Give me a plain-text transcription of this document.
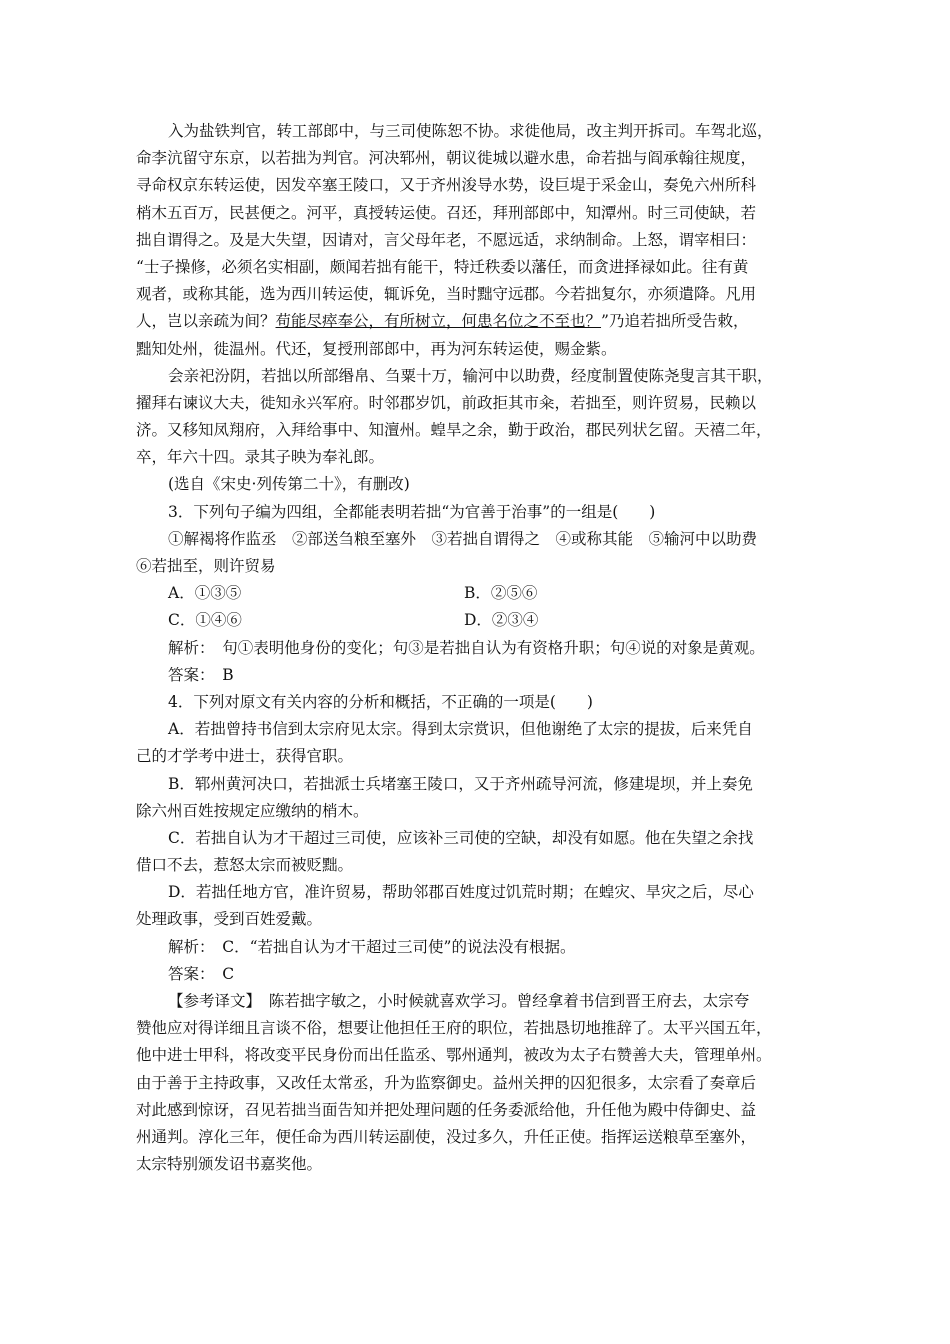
入为盐铁判官，转工部郎中，与三司使陈恕不协。求徙他局，改主判开拆司。车驾北巡，
命李沆留守东京，以若拙为判官。河决郓州，朝议徙城以避水患，命若拙与阎承翰往规度，
寻命权京东转运使，因发卒塞王陵口，又于齐州浚导水势，设巨堤于采金山，奏免六州所科
梢木五百万，民甚便之。河平，真授转运使。召还，拜刑部郎中，知潭州。时三司使缺，若
拙自谓得之。及是大失望，因请对，言父母年老，不愿远适，求纳制命。上怒，谓宰相曰：
“士子操修，必须名实相副，颇闻若拙有能干，特迁秩委以藩任，而贪进择禄如此。往有黄
观者，或称其能，选为西川转运使，辄诉免，当时黜守远郡。今若拙复尔，亦须遣降。凡用
人，岂以亲疏为间？苟能尽瘁奉公，有所树立，何患名位之不至也？”乃追若拙所受告敕，
黜知处州，徙温州。代还，复授刑部郎中，再为河东转运使，赐金紫。
会亲祀汾阴，若拙以所部缗帛、刍粟十万，输河中以助费，经度制置使陈尧叟言其干职，
擢拜右谏议大夫，徙知永兴军府。时邻郡岁饥，前政拒其市籴，若拙至，则许贸易，民赖以
济。又移知凤翔府，入拜给事中、知澶州。蝗旱之余，勤于政治，郡民列状乞留。天禧二年，
卒，年六十四。录其子映为奉礼郎。
(选自《宋史·列传第二十》，有删改)
3．下列句子编为四组，全都能表明若拙“为官善于治事”的一组是(　　)
①解褐将作监丞　②部送刍粮至塞外　③若拙自谓得之　④或称其能　⑤输河中以助费
⑥若拙至，则许贸易
A．①③⑤	B．②⑤⑥
C．①④⑥	D．②③④
解析：　句①表明他身份的变化；句③是若拙自认为有资格升职；句④说的对象是黄观。
答案：　B
4．下列对原文有关内容的分析和概括，不正确的一项是(　　)
A．若拙曾持书信到太宗府见太宗。得到太宗赏识，但他谢绝了太宗的提拔，后来凭自
己的才学考中进士，获得官职。
B．郓州黄河决口，若拙派士兵堵塞王陵口，又于齐州疏导河流，修建堤坝，并上奏免
除六州百姓按规定应缴纳的梢木。
C．若拙自认为才干超过三司使，应该补三司使的空缺，却没有如愿。他在失望之余找
借口不去，惹怒太宗而被贬黜。
D．若拙任地方官，准许贸易，帮助邻郡百姓度过饥荒时期；在蝗灾、旱灾之后，尽心
处理政事，受到百姓爱戴。
解析：　C．“若拙自认为才干超过三司使”的说法没有根据。
答案：　C
【参考译文】　陈若拙字敏之，小时候就喜欢学习。曾经拿着书信到晋王府去，太宗夸
赞他应对得详细且言谈不俗，想要让他担任王府的职位，若拙恳切地推辞了。太平兴国五年，
他中进士甲科，将改变平民身份而出任监丞、鄂州通判，被改为太子右赞善大夫，管理单州。
由于善于主持政事，又改任太常丞，升为监察御史。益州关押的囚犯很多，太宗看了奏章后
对此感到惊讶，召见若拙当面告知并把处理问题的任务委派给他，升任他为殿中侍御史、益
州通判。淳化三年，便任命为西川转运副使，没过多久，升任正使。指挥运送粮草至塞外，
太宗特别颁发诏书嘉奖他。
